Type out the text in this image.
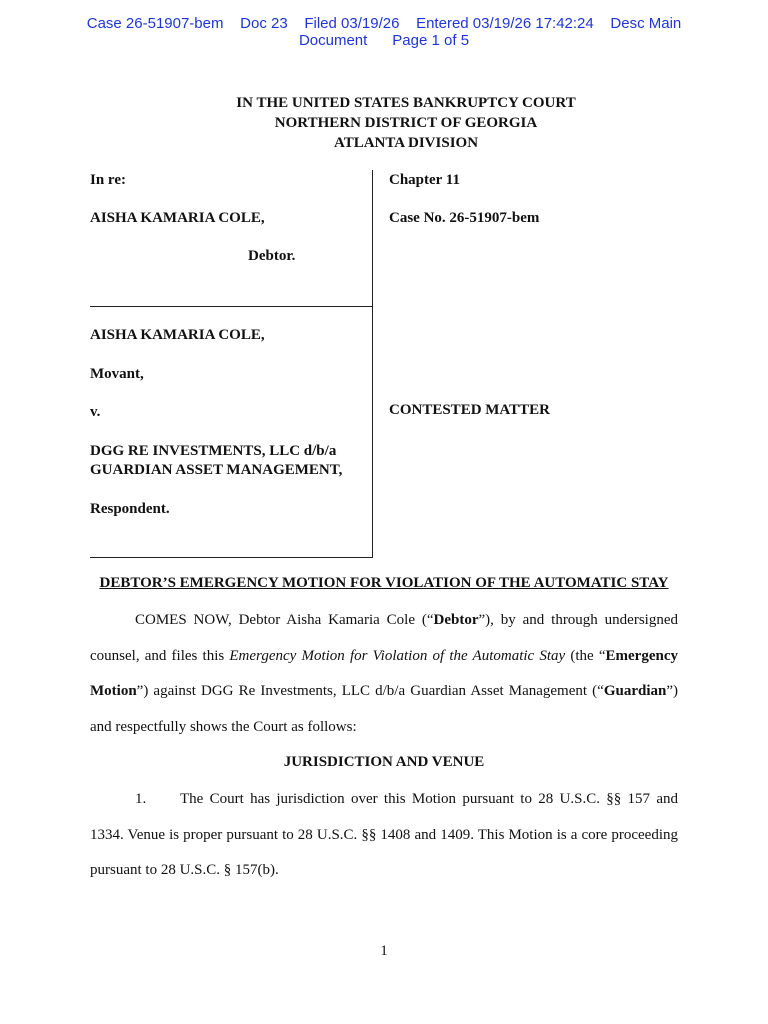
Case 26-51907-bem    Doc 23    Filed 03/19/26    Entered 03/19/26 17:42:24    Desc Main
Document      Page 1 of 5
IN THE UNITED STATES BANKRUPTCY COURT
NORTHERN DISTRICT OF GEORGIA
ATLANTA DIVISION
In re:
AISHA KAMARIA COLE,
Debtor.
Chapter 11
Case No. 26-51907-bem
AISHA KAMARIA COLE,
Movant,
v.	CONTESTED MATTER
DGG RE INVESTMENTS, LLC d/b/a
GUARDIAN ASSET MANAGEMENT,
Respondent.
DEBTOR’S EMERGENCY MOTION FOR VIOLATION OF THE AUTOMATIC STAY
COMES NOW, Debtor Aisha Kamaria Cole (“Debtor”), by and through undersigned counsel, and files this Emergency Motion for Violation of the Automatic Stay (the “Emergency Motion”) against DGG Re Investments, LLC d/b/a Guardian Asset Management (“Guardian”) and respectfully shows the Court as follows:
JURISDICTION AND VENUE
1. The Court has jurisdiction over this Motion pursuant to 28 U.S.C. §§ 157 and 1334. Venue is proper pursuant to 28 U.S.C. §§ 1408 and 1409. This Motion is a core proceeding pursuant to 28 U.S.C. § 157(b).
1
